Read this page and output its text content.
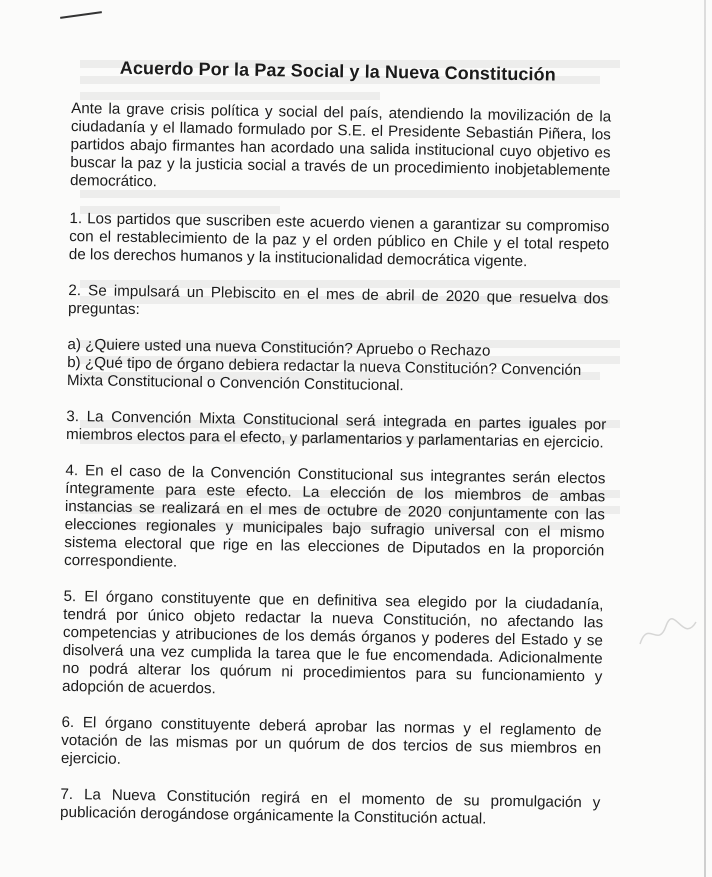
Acuerdo Por la Paz Social y la Nueva Constitución

Ante la grave crisis política y social del país, atendiendo la movilización de la ciudadanía y el llamado formulado por S.E. el Presidente Sebastián Piñera, los partidos abajo firmantes han acordado una salida institucional cuyo objetivo es buscar la paz y la justicia social a través de un procedimiento inobjetablemente democrático.

1. Los partidos que suscriben este acuerdo vienen a garantizar su compromiso con el restablecimiento de la paz y el orden público en Chile y el total respeto de los derechos humanos y la institucionalidad democrática vigente.

2. Se impulsará un Plebiscito en el mes de abril de 2020 que resuelva dos preguntas:

a) ¿Quiere usted una nueva Constitución? Apruebo o Rechazo

b) ¿Qué tipo de órgano debiera redactar la nueva Constitución? Convención Mixta Constitucional o Convención Constitucional.

3. La Convención Mixta Constitucional será integrada en partes iguales por miembros electos para el efecto, y parlamentarios y parlamentarias en ejercicio.

4. En el caso de la Convención Constitucional sus integrantes serán electos íntegramente para este efecto. La elección de los miembros de ambas instancias se realizará en el mes de octubre de 2020 conjuntamente con las elecciones regionales y municipales bajo sufragio universal con el mismo sistema electoral que rige en las elecciones de Diputados en la proporción correspondiente.

5. El órgano constituyente que en definitiva sea elegido por la ciudadanía, tendrá por único objeto redactar la nueva Constitución, no afectando las competencias y atribuciones de los demás órganos y poderes del Estado y se disolverá una vez cumplida la tarea que le fue encomendada. Adicionalmente no podrá alterar los quórum ni procedimientos para su funcionamiento y adopción de acuerdos.

6. El órgano constituyente deberá aprobar las normas y el reglamento de votación de las mismas por un quórum de dos tercios de sus miembros en ejercicio.

7. La Nueva Constitución regirá en el momento de su promulgación y publicación derogándose orgánicamente la Constitución actual.
